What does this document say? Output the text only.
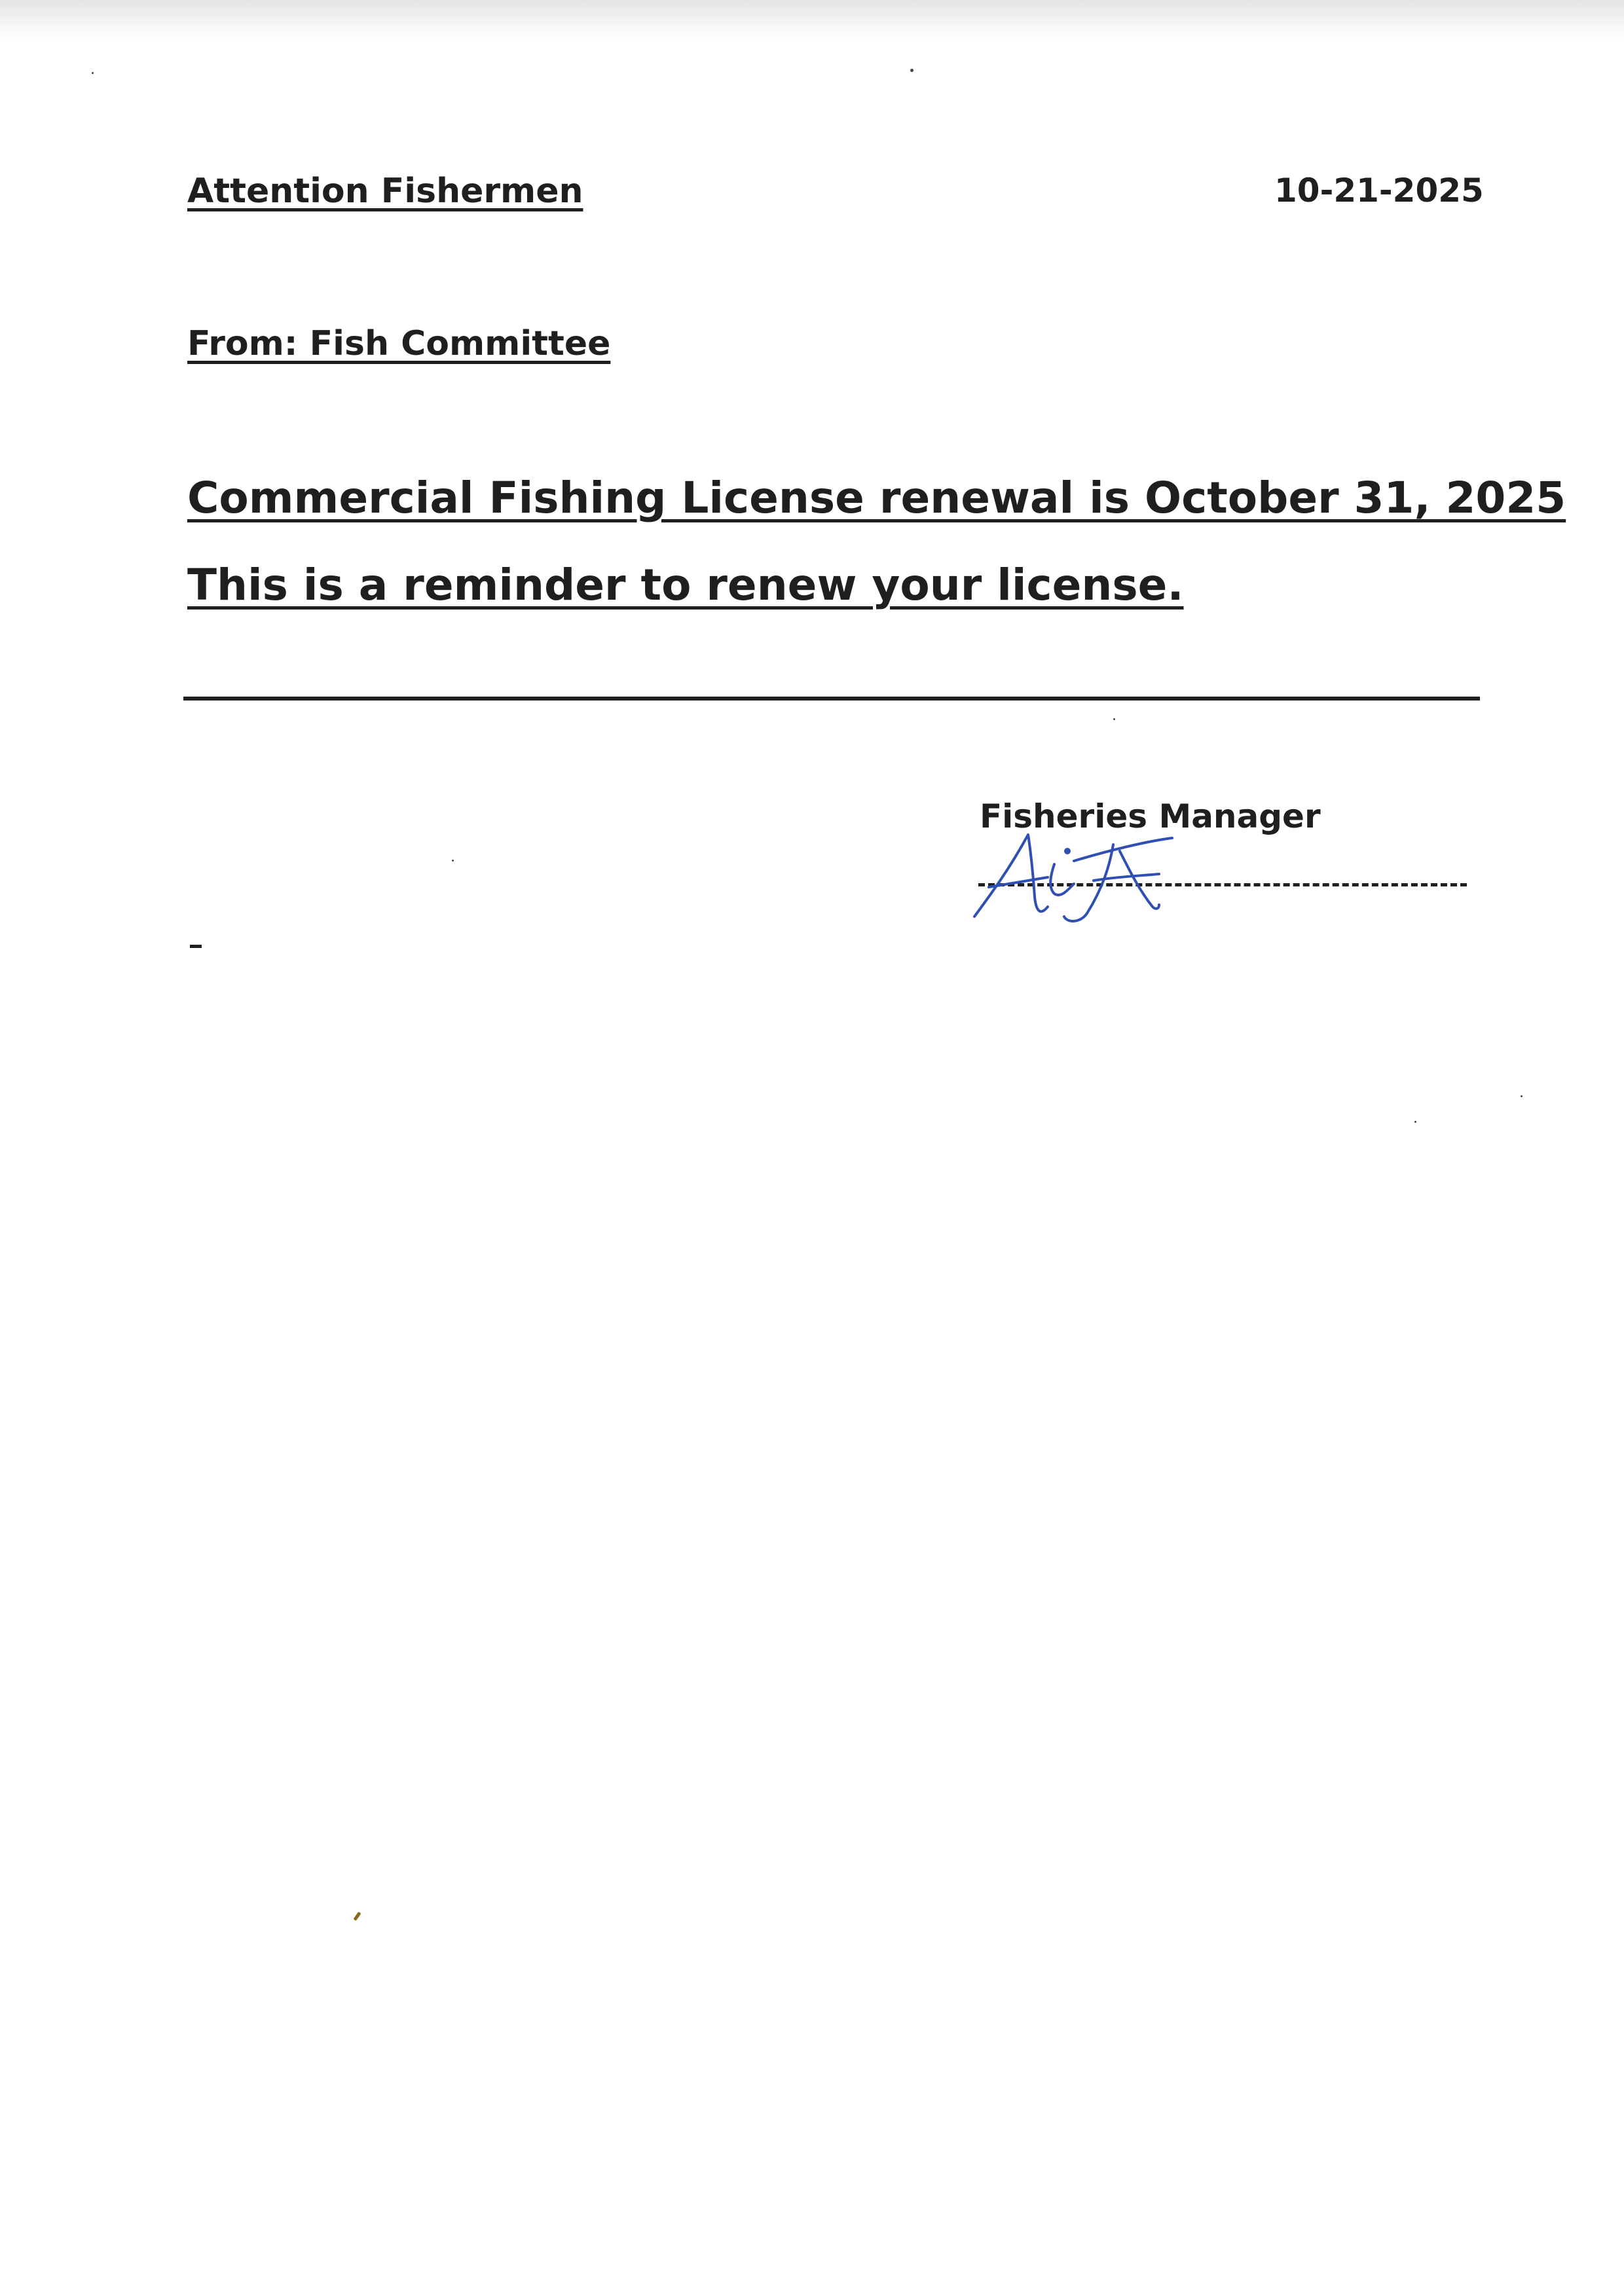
Attention Fishermen	10-21-2025
From: Fish Committee
Commercial Fishing License renewal is October 31, 2025
This is a reminder to renew your license.
Fisheries Manager
